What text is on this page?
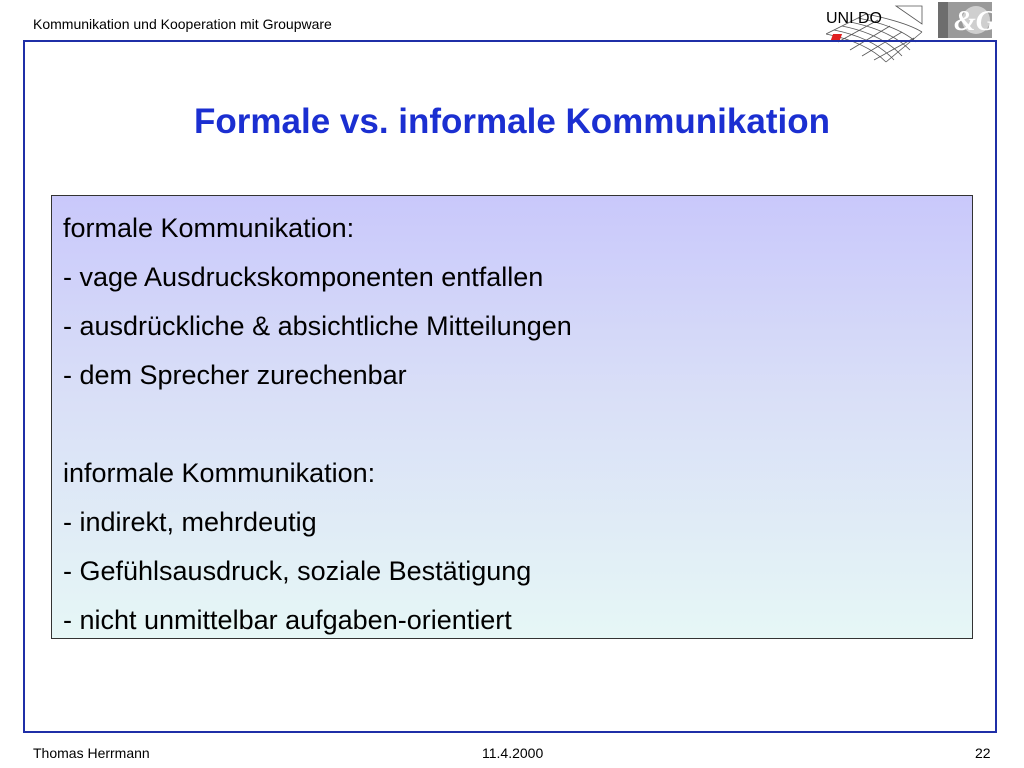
Kommunikation und Kooperation mit Groupware	UNI DO	&G
Formale vs. informale Kommunikation
formale Kommunikation:
- vage Ausdruckskomponenten entfallen
- ausdrückliche & absichtliche Mitteilungen
- dem Sprecher zurechenbar
informale Kommunikation:
- indirekt, mehrdeutig
- Gefühlsausdruck, soziale Bestätigung
- nicht unmittelbar aufgaben-orientiert
Thomas Herrmann	11.4.2000	22
